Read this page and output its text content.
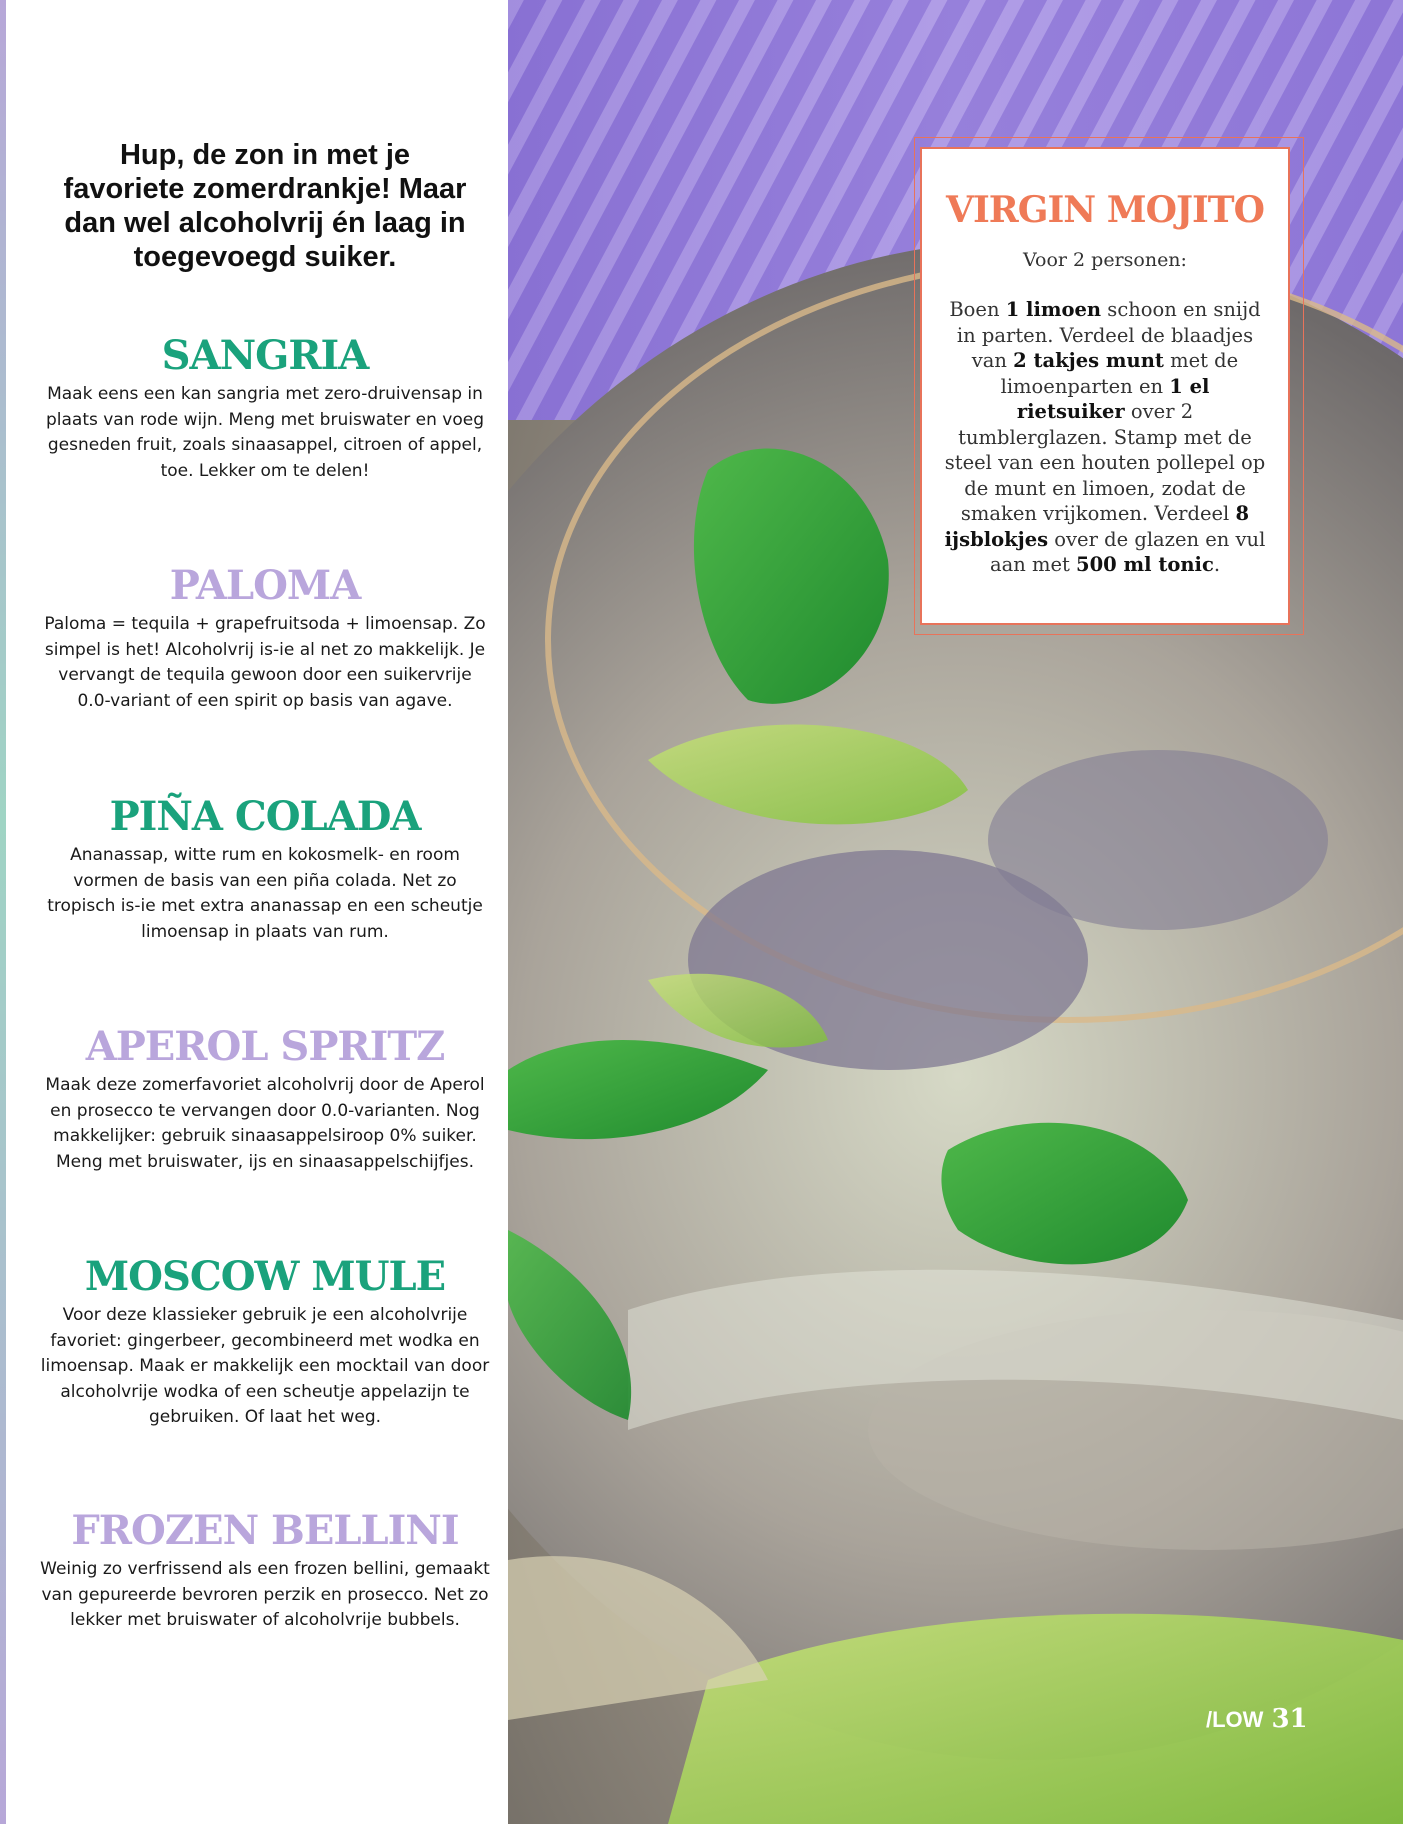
Hup, de zon in met je favoriete zomerdrankje! Maar dan wel alcoholvrij én laag in toegevoegd suiker.

SANGRIA

Maak eens een kan sangria met zero-druivensap in plaats van rode wijn. Meng met bruiswater en voeg gesneden fruit, zoals sinaasappel, citroen of appel, toe. Lekker om te delen!

PALOMA

Paloma = tequila + grapefruitsoda + limoensap. Zo simpel is het! Alcoholvrij is-ie al net zo makkelijk. Je vervangt de tequila gewoon door een suikervrije 0.0-variant of een spirit op basis van agave.

PIÑA COLADA

Ananassap, witte rum en kokosmelk- en room vormen de basis van een piña colada. Net zo tropisch is-ie met extra ananassap en een scheutje limoensap in plaats van rum.

APEROL SPRITZ

Maak deze zomerfavoriet alcoholvrij door de Aperol en prosecco te vervangen door 0.0-varianten. Nog makkelijker: gebruik sinaasappelsiroop 0% suiker. Meng met bruiswater, ijs en sinaasappelschijfjes.

MOSCOW MULE

Voor deze klassieker gebruik je een alcoholvrije favoriet: gingerbeer, gecombineerd met wodka en limoensap. Maak er makkelijk een mocktail van door alcoholvrije wodka of een scheutje appelazijn te gebruiken. Of laat het weg.

FROZEN BELLINI

Weinig zo verfrissend als een frozen bellini, gemaakt van gepureerde bevroren perzik en prosecco. Net zo lekker met bruiswater of alcoholvrije bubbels.

/LOW 31
VIRGIN MOJITO

Voor 2 personen:

Boen 1 limoen schoon en snijd in parten. Verdeel de blaadjes van 2 takjes munt met de limoenparten en 1 el rietsuiker over 2 tumblerglazen. Stamp met de steel van een houten pollepel op de munt en limoen, zodat de smaken vrijkomen. Verdeel 8 ijsblokjes over de glazen en vul aan met 500 ml tonic.
